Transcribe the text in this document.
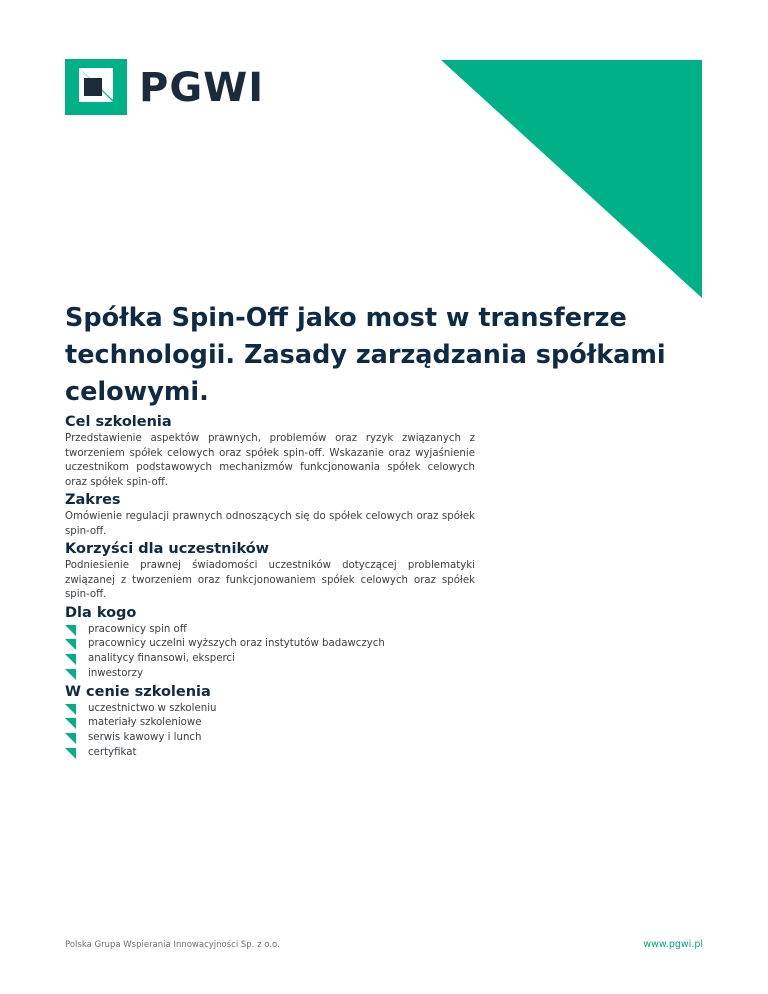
PGWI
Spółka Spin-Off jako most w transferze technologii. Zasady zarządzania spółkami celowymi.
Cel szkolenia

Przedstawienie aspektów prawnych, problemów oraz ryzyk związanych z tworzeniem spółek celowych oraz spółek spin-off. Wskazanie oraz wyjaśnienie uczestnikom podstawowych mechanizmów funkcjonowania spółek celowych oraz spółek spin-off.

Zakres

Omówienie regulacji prawnych odnoszących się do spółek celowych oraz spółek spin-off.

Korzyści dla uczestników

Podniesienie prawnej świadomości uczestników dotyczącej problematyki związanej z tworzeniem oraz funkcjonowaniem spółek celowych oraz spółek spin-off.

Dla kogo
pracownicy spin off
pracownicy uczelni wyższych oraz instytutów badawczych
analitycy finansowi, eksperci
inwestorzy
W cenie szkolenia
uczestnictwo w szkoleniu
materiały szkoleniowe
serwis kawowy i lunch
certyfikat
Polska Grupa Wspierania Innowacyjności Sp. z o.o.	www.pgwi.pl
